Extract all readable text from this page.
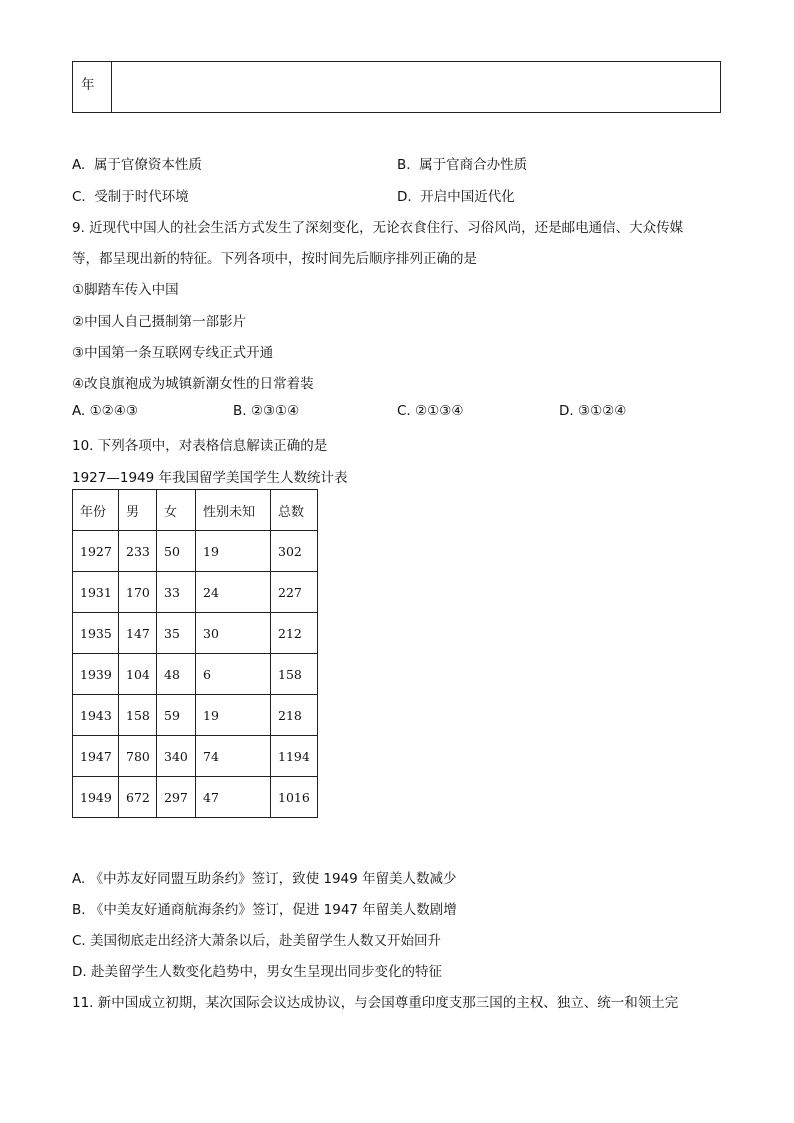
年
A. 属于官僚资本性质	B. 属于官商合办性质
C. 受制于时代环境	D. 开启中国近代化
9. 近现代中国人的社会生活方式发生了深刻变化，无论衣食住行、习俗风尚，还是邮电通信、大众传媒
等，都呈现出新的特征。下列各项中，按时间先后顺序排列正确的是
①脚踏车传入中国
②中国人自己摄制第一部影片
③中国第一条互联网专线正式开通
④改良旗袍成为城镇新潮女性的日常着装
A. ①②④③	B. ②③①④	C. ②①③④	D. ③①②④
10. 下列各项中，对表格信息解读正确的是
1927—1949 年我国留学美国学生人数统计表
年份	男	女	性别未知	总数
1927	233	50	19	302
1931	170	33	24	227
1935	147	35	30	212
1939	104	48	6	158
1943	158	59	19	218
1947	780	340	74	1194
1949	672	297	47	1016
A. 《中苏友好同盟互助条约》签订，致使 1949 年留美人数减少
B. 《中美友好通商航海条约》签订，促进 1947 年留美人数剧增
C. 美国彻底走出经济大萧条以后，赴美留学生人数又开始回升
D. 赴美留学生人数变化趋势中，男女生呈现出同步变化的特征
11. 新中国成立初期，某次国际会议达成协议，与会国尊重印度支那三国的主权、独立、统一和领土完
